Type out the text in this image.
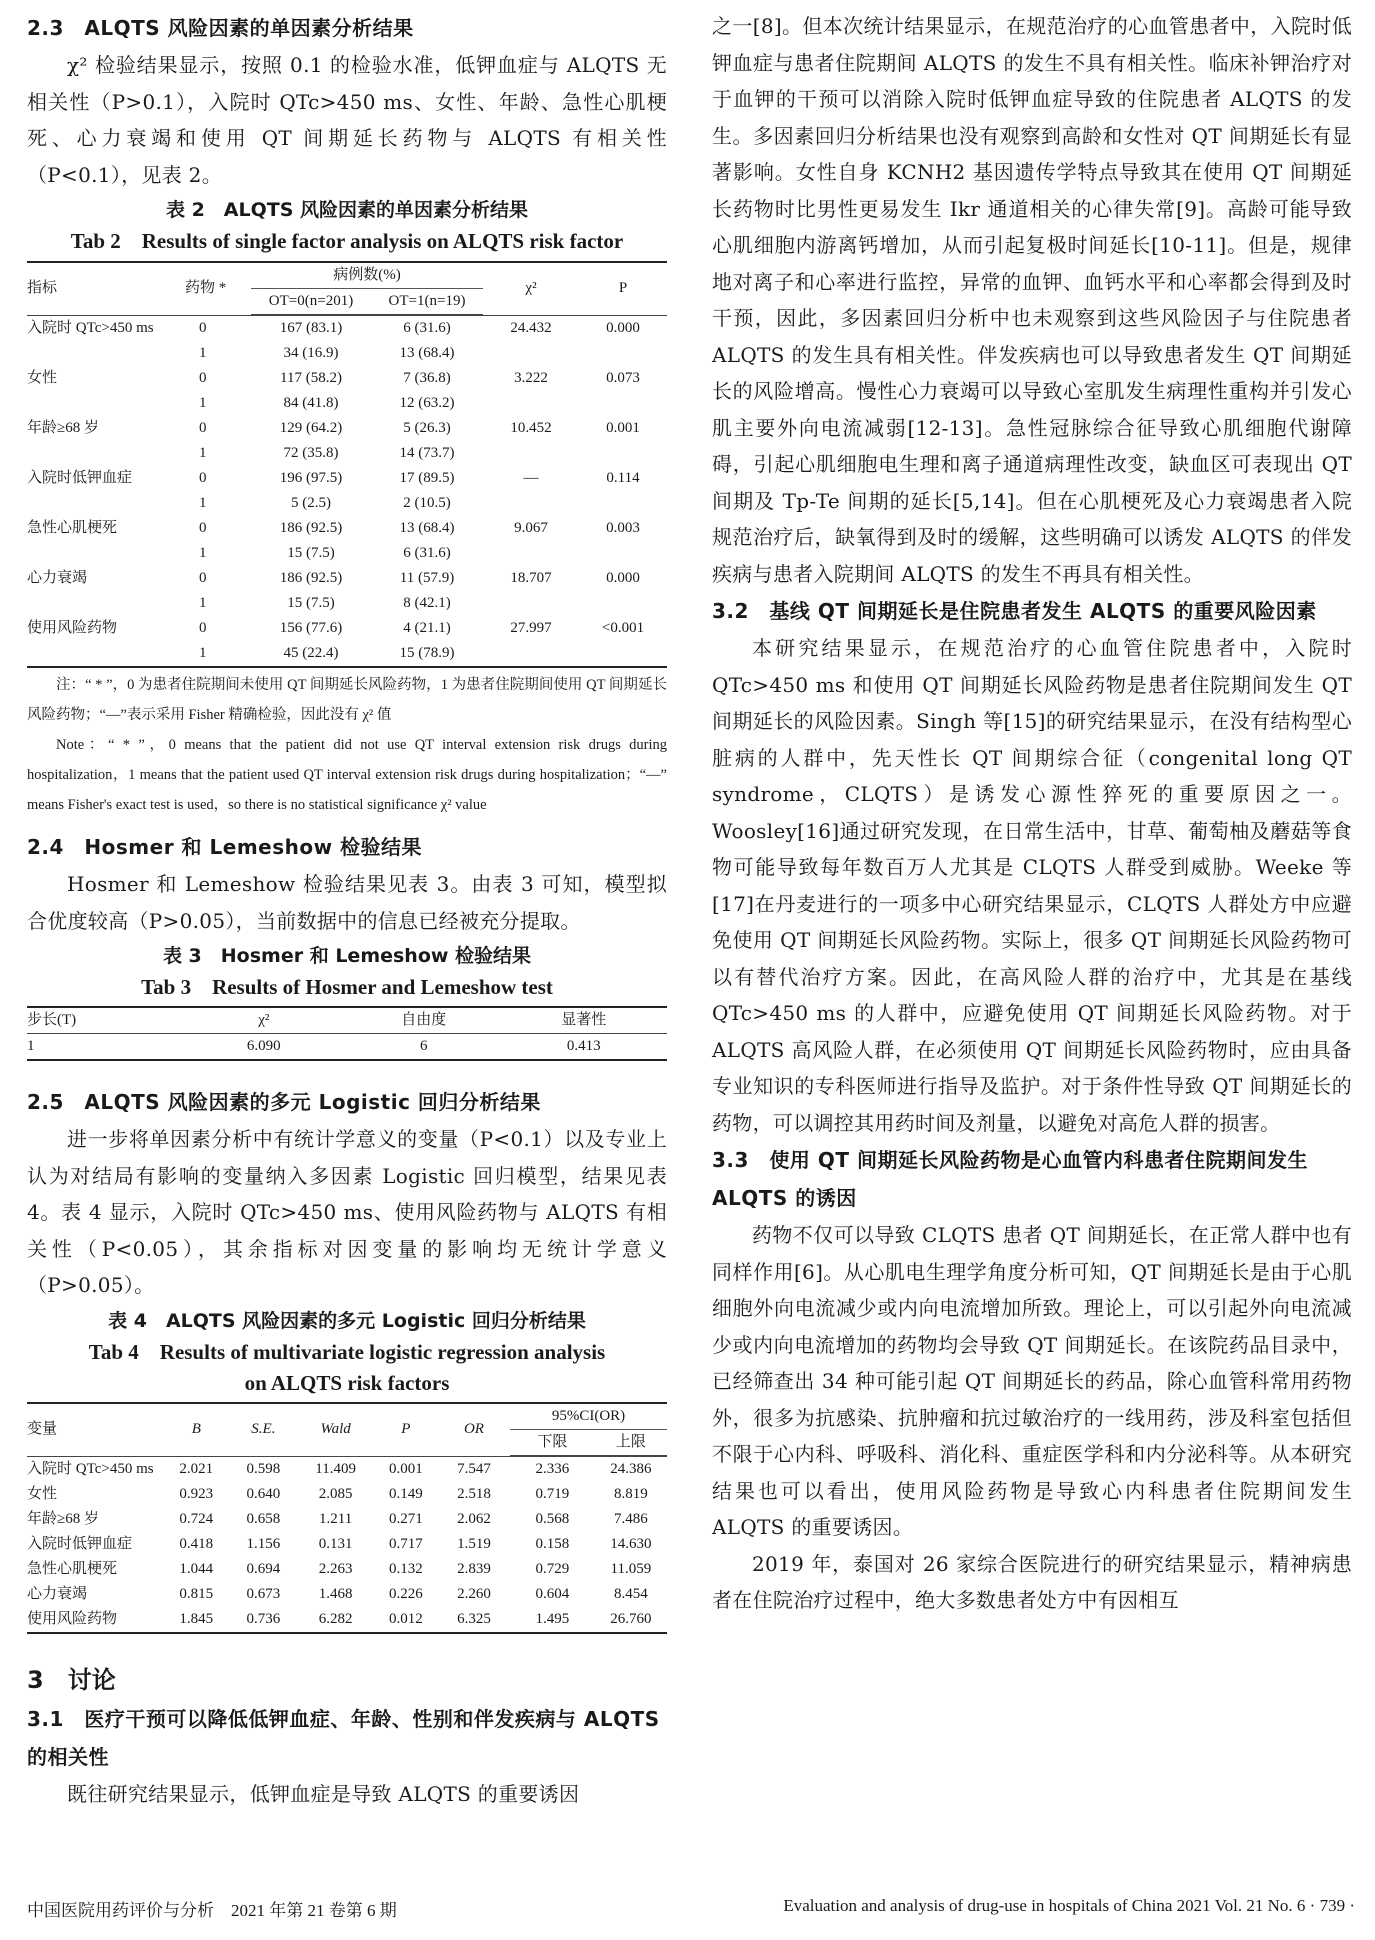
2.3　ALQTS 风险因素的单因素分析结果

χ² 检验结果显示，按照 0.1 的检验水准，低钾血症与 ALQTS 无相关性（P>0.1），入院时 QTc>450 ms、女性、年龄、急性心肌梗死、心力衰竭和使用 QT 间期延长药物与 ALQTS 有相关性（P<0.1），见表 2。

表 2　ALQTS 风险因素的单因素分析结果

Tab 2　Results of single factor analysis on ALQTS risk factor

指标	药物 *	病例数(%)		χ²	P
		OT=0(n=201)	OT=1(n=19)		

入院时 QTc>450 ms	0	167 (83.1)	6 (31.6)	24.432	0.000
	1	34 (16.9)	13 (68.4)		
女性	0	117 (58.2)	7 (36.8)	3.222	0.073
	1	84 (41.8)	12 (63.2)		
年龄≥68 岁	0	129 (64.2)	5 (26.3)	10.452	0.001
	1	72 (35.8)	14 (73.7)		
入院时低钾血症	0	196 (97.5)	17 (89.5)	—	0.114
	1	5 (2.5)	2 (10.5)		
急性心肌梗死	0	186 (92.5)	13 (68.4)	9.067	0.003
	1	15 (7.5)	6 (31.6)		
心力衰竭	0	186 (92.5)	11 (57.9)	18.707	0.000
	1	15 (7.5)	8 (42.1)		
使用风险药物	0	156 (77.6)	4 (21.1)	27.997	<0.001
	1	45 (22.4)	15 (78.9)		

注：“ * ”，0 为患者住院期间未使用 QT 间期延长风险药物，1 为患者住院期间使用 QT 间期延长风险药物；“—”表示采用 Fisher 精确检验，因此没有 χ² 值

Note：“ * ”，0 means that the patient did not use QT interval extension risk drugs during hospitalization，1 means that the patient used QT interval extension risk drugs during hospitalization；“—” means Fisher's exact test is used，so there is no statistical significance χ² value

2.4　Hosmer 和 Lemeshow 检验结果

Hosmer 和 Lemeshow 检验结果见表 3。由表 3 可知，模型拟合优度较高（P>0.05），当前数据中的信息已经被充分提取。

表 3　Hosmer 和 Lemeshow 检验结果

Tab 3　Results of Hosmer and Lemeshow test

步长(T)	χ²	自由度	显著性
1	6.090	6	0.413
2.5　ALQTS 风险因素的多元 Logistic 回归分析结果

进一步将单因素分析中有统计学意义的变量（P<0.1）以及专业上认为对结局有影响的变量纳入多因素 Logistic 回归模型，结果见表 4。表 4 显示，入院时 QTc>450 ms、使用风险药物与 ALQTS 有相关性（P<0.05），其余指标对因变量的影响均无统计学意义（P>0.05）。

表 4　ALQTS 风险因素的多元 Logistic 回归分析结果

Tab 4　Results of multivariate logistic regression analysis

on ALQTS risk factors

变量	B	S.E.	Wald	P	OR	95%CI(OR)	
						下限	上限

入院时 QTc>450 ms	2.021	0.598	11.409	0.001	7.547	2.336	24.386
女性	0.923	0.640	2.085	0.149	2.518	0.719	8.819
年龄≥68 岁	0.724	0.658	1.211	0.271	2.062	0.568	7.486
入院时低钾血症	0.418	1.156	0.131	0.717	1.519	0.158	14.630
急性心肌梗死	1.044	0.694	2.263	0.132	2.839	0.729	11.059
心力衰竭	0.815	0.673	1.468	0.226	2.260	0.604	8.454
使用风险药物	1.845	0.736	6.282	0.012	6.325	1.495	26.760
3　讨论
3.1　医疗干预可以降低低钾血症、年龄、性别和伴发疾病与 ALQTS 的相关性

既往研究结果显示，低钾血症是导致 ALQTS 的重要诱因

之一[8]。但本次统计结果显示，在规范治疗的心血管患者中，入院时低钾血症与患者住院期间 ALQTS 的发生不具有相关性。临床补钾治疗对于血钾的干预可以消除入院时低钾血症导致的住院患者 ALQTS 的发生。多因素回归分析结果也没有观察到高龄和女性对 QT 间期延长有显著影响。女性自身 KCNH2 基因遗传学特点导致其在使用 QT 间期延长药物时比男性更易发生 Ikr 通道相关的心律失常[9]。高龄可能导致心肌细胞内游离钙增加，从而引起复极时间延长[10-11]。但是，规律地对离子和心率进行监控，异常的血钾、血钙水平和心率都会得到及时干预，因此，多因素回归分析中也未观察到这些风险因子与住院患者 ALQTS 的发生具有相关性。伴发疾病也可以导致患者发生 QT 间期延长的风险增高。慢性心力衰竭可以导致心室肌发生病理性重构并引发心肌主要外向电流减弱[12-13]。急性冠脉综合征导致心肌细胞代谢障碍，引起心肌细胞电生理和离子通道病理性改变，缺血区可表现出 QT 间期及 Tp-Te 间期的延长[5,14]。但在心肌梗死及心力衰竭患者入院规范治疗后，缺氧得到及时的缓解，这些明确可以诱发 ALQTS 的伴发疾病与患者入院期间 ALQTS 的发生不再具有相关性。

3.2　基线 QT 间期延长是住院患者发生 ALQTS 的重要风险因素

本研究结果显示，在规范治疗的心血管住院患者中，入院时 QTc>450 ms 和使用 QT 间期延长风险药物是患者住院期间发生 QT 间期延长的风险因素。Singh 等[15]的研究结果显示，在没有结构型心脏病的人群中，先天性长 QT 间期综合征（congenital long QT syndrome，CLQTS）是诱发心源性猝死的重要原因之一。Woosley[16]通过研究发现，在日常生活中，甘草、葡萄柚及蘑菇等食物可能导致每年数百万人尤其是 CLQTS 人群受到威胁。Weeke 等[17]在丹麦进行的一项多中心研究结果显示，CLQTS 人群处方中应避免使用 QT 间期延长风险药物。实际上，很多 QT 间期延长风险药物可以有替代治疗方案。因此，在高风险人群的治疗中，尤其是在基线 QTc>450 ms 的人群中，应避免使用 QT 间期延长风险药物。对于 ALQTS 高风险人群，在必须使用 QT 间期延长风险药物时，应由具备专业知识的专科医师进行指导及监护。对于条件性导致 QT 间期延长的药物，可以调控其用药时间及剂量，以避免对高危人群的损害。

3.3　使用 QT 间期延长风险药物是心血管内科患者住院期间发生 ALQTS 的诱因

药物不仅可以导致 CLQTS 患者 QT 间期延长，在正常人群中也有同样作用[6]。从心肌电生理学角度分析可知，QT 间期延长是由于心肌细胞外向电流减少或内向电流增加所致。理论上，可以引起外向电流减少或内向电流增加的药物均会导致 QT 间期延长。在该院药品目录中，已经筛查出 34 种可能引起 QT 间期延长的药品，除心血管科常用药物外，很多为抗感染、抗肿瘤和抗过敏治疗的一线用药，涉及科室包括但不限于心内科、呼吸科、消化科、重症医学科和内分泌科等。从本研究结果也可以看出，使用风险药物是导致心内科患者住院期间发生 ALQTS 的重要诱因。

2019 年，泰国对 26 家综合医院进行的研究结果显示，精神病患者在住院治疗过程中，绝大多数患者处方中有因相互

中国医院用药评价与分析　2021 年第 21 卷第 6 期	Evaluation and analysis of drug-use in hospitals of China 2021 Vol. 21 No. 6 · 739 ·
